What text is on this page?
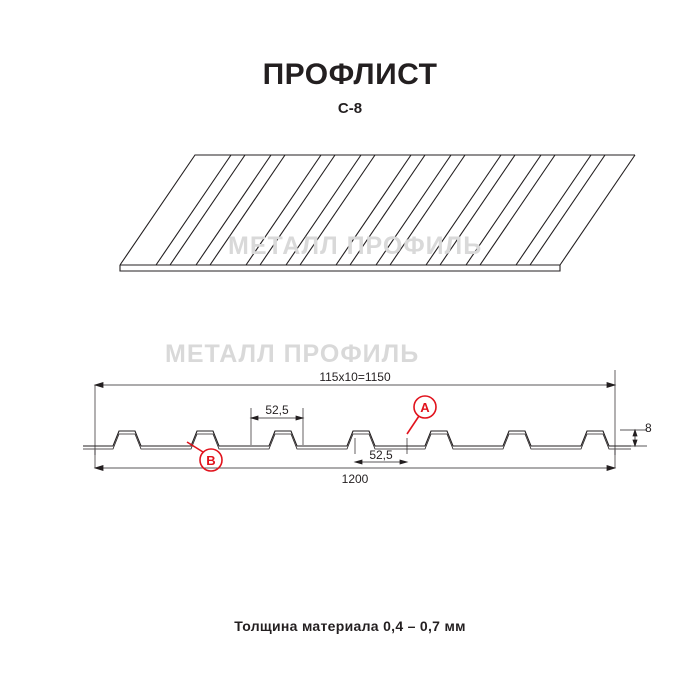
ПРОФЛИСТ
С-8
МЕТАЛЛ ПРОФИЛЬ
МЕТАЛЛ ПРОФИЛЬ
115х10=1150
52,5
52,5
1200
8
A
B
Толщина материала 0,4 – 0,7 мм
